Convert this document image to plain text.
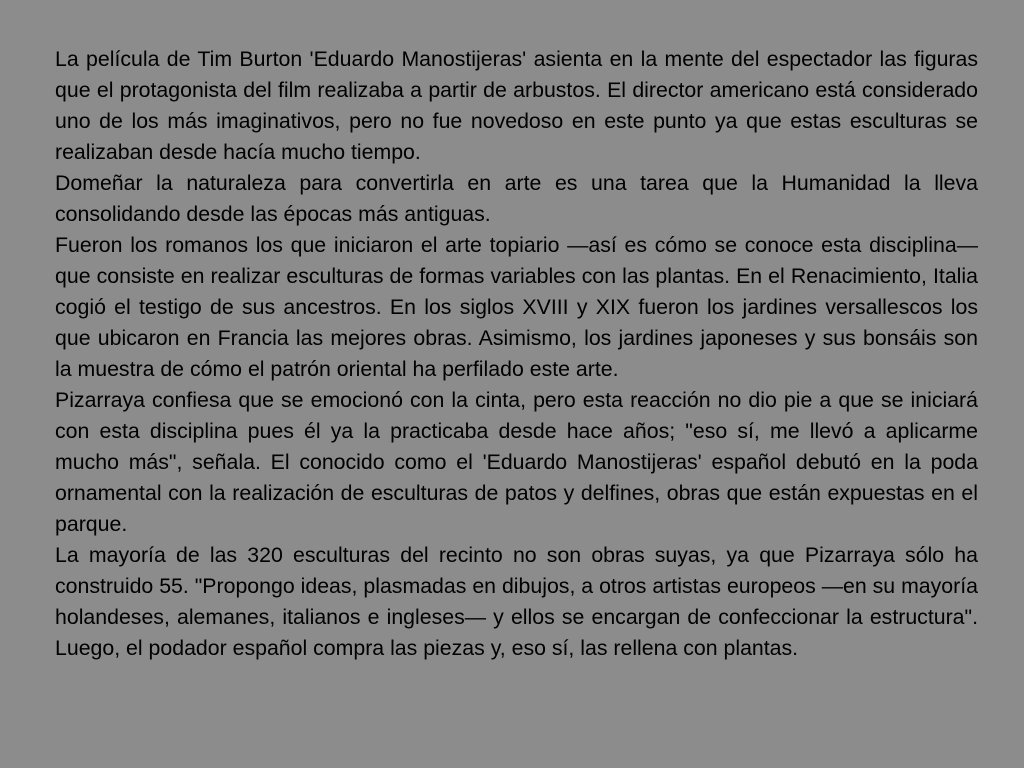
La película de Tim Burton 'Eduardo Manostijeras' asienta en la mente del espectador las figuras que el protagonista del film realizaba a partir de arbustos. El director americano está considerado uno de los más imaginativos, pero no fue novedoso en este punto ya que estas esculturas se realizaban desde hacía mucho tiempo.

Domeñar la naturaleza para convertirla en arte es una tarea que la Humanidad la lleva consolidando desde las épocas más antiguas.

Fueron los romanos los que iniciaron el arte topiario —así es cómo se conoce esta disciplina— que consiste en realizar esculturas de formas variables con las plantas. En el Renacimiento, Italia cogió el testigo de sus ancestros. En los siglos XVIII y XIX fueron los jardines versallescos los que ubicaron en Francia las mejores obras. Asimismo, los jardines japoneses y sus bonsáis son la muestra de cómo el patrón oriental ha perfilado este arte.

Pizarraya confiesa que se emocionó con la cinta, pero esta reacción no dio pie a que se iniciará con esta disciplina pues él ya la practicaba desde hace años; "eso sí, me llevó a aplicarme mucho más", señala. El conocido como el 'Eduardo Manostijeras' español debutó en la poda ornamental con la realización de esculturas de patos y delfines, obras que están expuestas en el parque.

La mayoría de las 320 esculturas del recinto no son obras suyas, ya que Pizarraya sólo ha construido 55. "Propongo ideas, plasmadas en dibujos, a otros artistas europeos —en su mayoría holandeses, alemanes, italianos e ingleses— y ellos se encargan de confeccionar la estructura". Luego, el podador español compra las piezas y, eso sí, las rellena con plantas.
